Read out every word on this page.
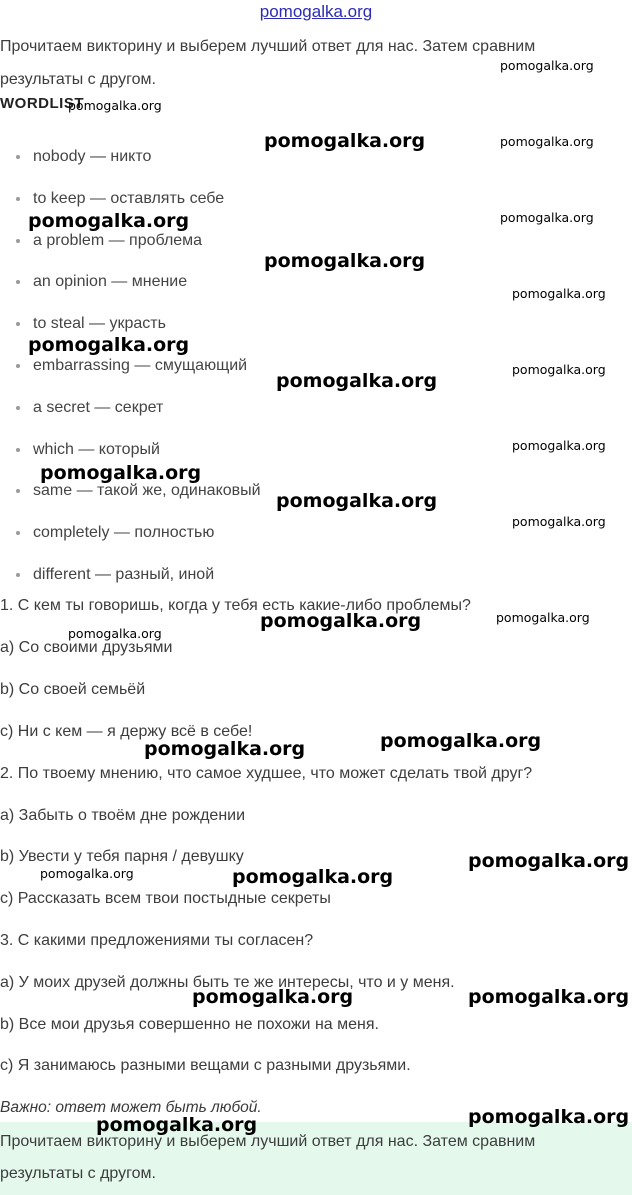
pomogalka.org
Прочитаем викторину и выберем лучший ответ для нас. Затем сравним результаты с другом.
WORDLIST
nobody — никто
to keep — оставлять себе
a problem — проблема
an opinion — мнение
to steal — украсть
embarrassing — смущающий
a secret — секрет
which — который
same — такой же, одинаковый
completely — полностью
different — разный, иной
1. С кем ты говоришь, когда у тебя есть какие-либо проблемы?
a) Со своими друзьями
b) Со своей семьёй
c) Ни с кем — я держу всё в себе!
2. По твоему мнению, что самое худшее, что может сделать твой друг?
a) Забыть о твоём дне рождении
b) Увести у тебя парня / девушку
c) Рассказать всем твои постыдные секреты
3. С какими предложениями ты согласен?
a) У моих друзей должны быть те же интересы, что и у меня.
b) Все мои друзья совершенно не похожи на меня.
c) Я занимаюсь разными вещами с разными друзьями.
Важно: ответ может быть любой.
Прочитаем викторину и выберем лучший ответ для нас. Затем сравним результаты с другом.
pomogalka.org
pomogalka.org
pomogalka.org	pomogalka.org
pomogalka.org	pomogalka.org
pomogalka.org
pomogalka.org
pomogalka.org
pomogalka.org
pomogalka.org
pomogalka.org
pomogalka.org
pomogalka.org
pomogalka.org
pomogalka.org
pomogalka.org
pomogalka.org
pomogalka.org
pomogalka.org
pomogalka.org
pomogalka.org	pomogalka.org
pomogalka.org	pomogalka.org
pomogalka.org
pomogalka.org
